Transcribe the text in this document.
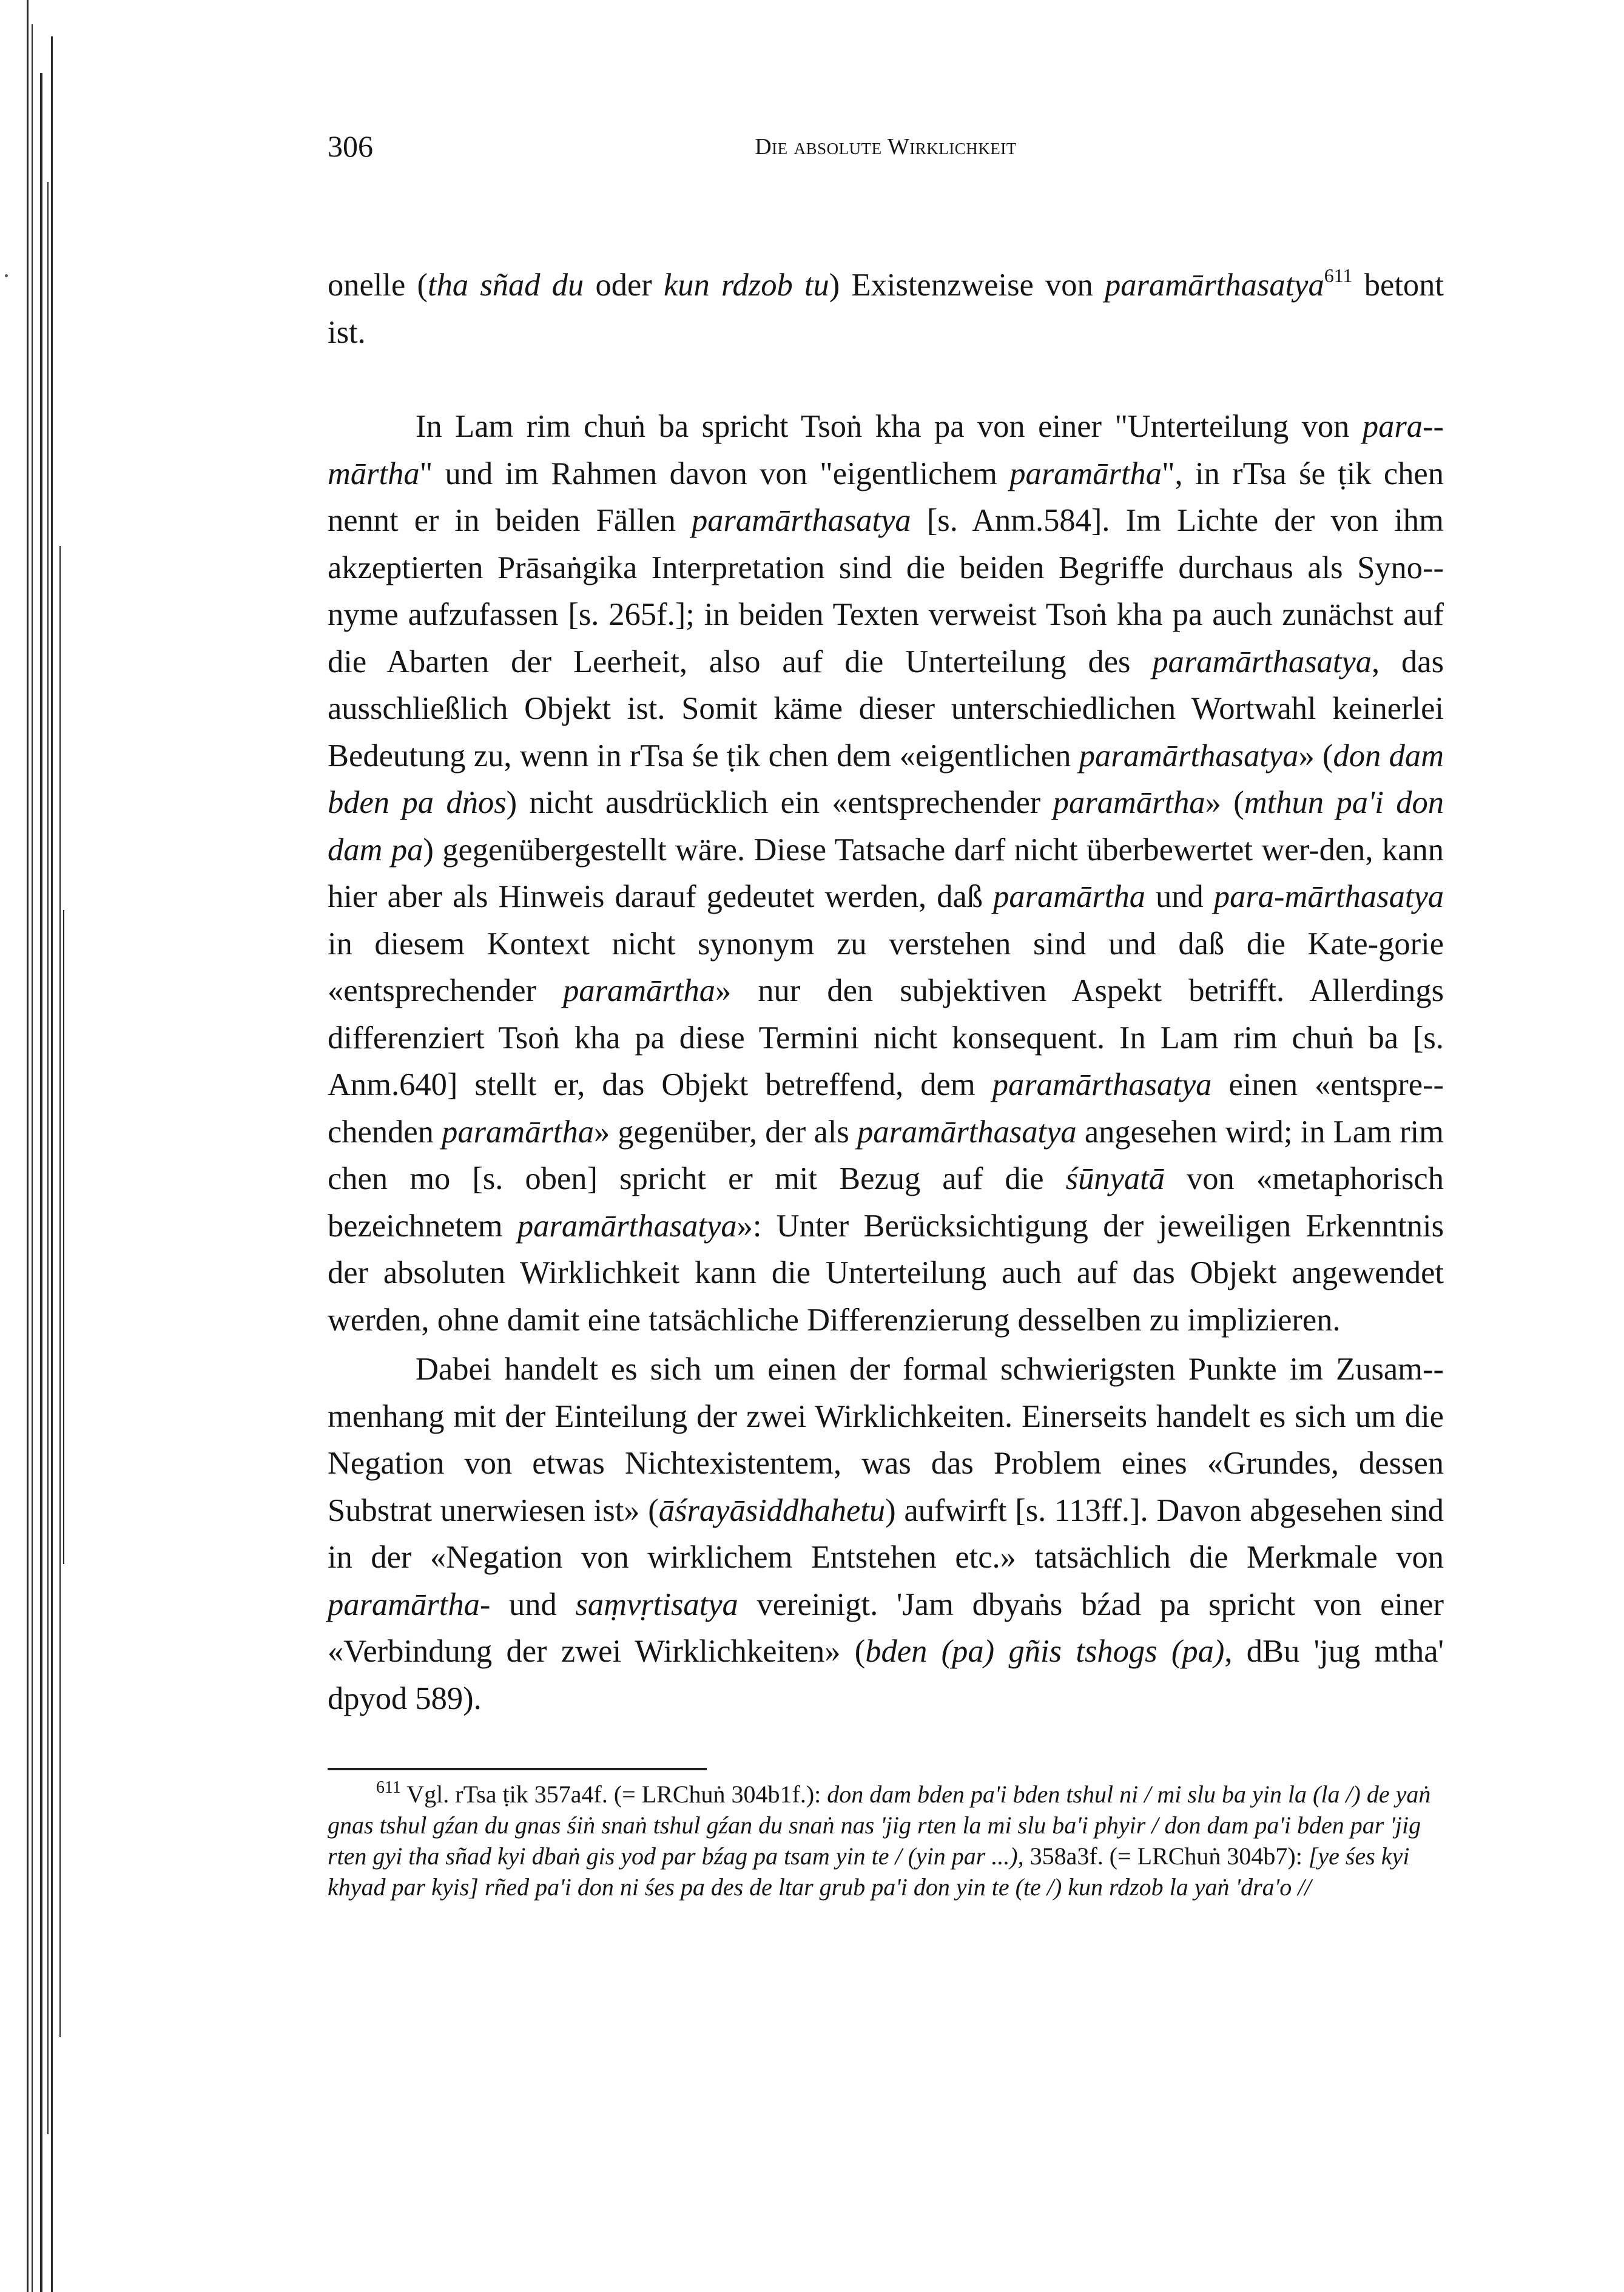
306	Die absolute Wirklichkeit

onelle (tha sñad du oder kun rdzob tu) Existenzweise von paramārthasatya$^{611}$ betont ist.

In Lam rim chuṅ ba spricht Tsoṅ kha pa von einer "Unterteilung von para-mārtha" und im Rahmen davon von "eigentlichem paramārtha", in rTsa śe ṭik chen nennt er in beiden Fällen paramārthasatya [s. Anm.584]. Im Lichte der von ihm akzeptierten Prāsaṅgika Interpretation sind die beiden Begriffe durchaus als Syno-nyme aufzufassen [s. 265f.]; in beiden Texten verweist Tsoṅ kha pa auch zunächst auf die Abarten der Leerheit, also auf die Unterteilung des paramārthasatya, das ausschließlich Objekt ist. Somit käme dieser unterschiedlichen Wortwahl keinerlei Bedeutung zu, wenn in rTsa śe ṭik chen dem «eigentlichen paramārthasatya» (don dam bden pa dṅos) nicht ausdrücklich ein «entsprechender paramārtha» (mthun pa'i don dam pa) gegenübergestellt wäre. Diese Tatsache darf nicht überbewertet wer-den, kann hier aber als Hinweis darauf gedeutet werden, daß paramārtha und para-mārthasatya in diesem Kontext nicht synonym zu verstehen sind und daß die Kate-gorie «entsprechender paramārtha» nur den subjektiven Aspekt betrifft. Allerdings differenziert Tsoṅ kha pa diese Termini nicht konsequent. In Lam rim chuṅ ba [s. Anm.640] stellt er, das Objekt betreffend, dem paramārthasatya einen «entspre-chenden paramārtha» gegenüber, der als paramārthasatya angesehen wird; in Lam rim chen mo [s. oben] spricht er mit Bezug auf die śūnyatā von «metaphorisch bezeichnetem paramārthasatya»: Unter Berücksichtigung der jeweiligen Erkenntnis der absoluten Wirklichkeit kann die Unterteilung auch auf das Objekt angewendet werden, ohne damit eine tatsächliche Differenzierung desselben zu implizieren.

Dabei handelt es sich um einen der formal schwierigsten Punkte im Zusam-menhang mit der Einteilung der zwei Wirklichkeiten. Einerseits handelt es sich um die Negation von etwas Nichtexistentem, was das Problem eines «Grundes, dessen Substrat unerwiesen ist» (āśrayāsiddhahetu) aufwirft [s. 113ff.]. Davon abgesehen sind in der «Negation von wirklichem Entstehen etc.» tatsächlich die Merkmale von paramārtha- und saṃvṛtisatya vereinigt. 'Jam dbyaṅs bźad pa spricht von einer «Verbindung der zwei Wirklichkeiten» (bden (pa) gñis tshogs (pa), dBu 'jug mtha' dpyod 589).

$^{611}$ Vgl. rTsa ṭik 357a4f. (= LRChuṅ 304b1f.): don dam bden pa'i bden tshul ni / mi slu ba yin la (la /) de yaṅ gnas tshul gźan du gnas śiṅ snaṅ tshul gźan du snaṅ nas 'jig rten la mi slu ba'i phyir / don dam pa'i bden par 'jig rten gyi tha sñad kyi dbaṅ gis yod par bźag pa tsam yin te / (yin par ...), 358a3f. (= LRChuṅ 304b7): [ye śes kyi khyad par kyis] rñed pa'i don ni śes pa des de ltar grub pa'i don yin te (te /) kun rdzob la yaṅ 'dra'o //
